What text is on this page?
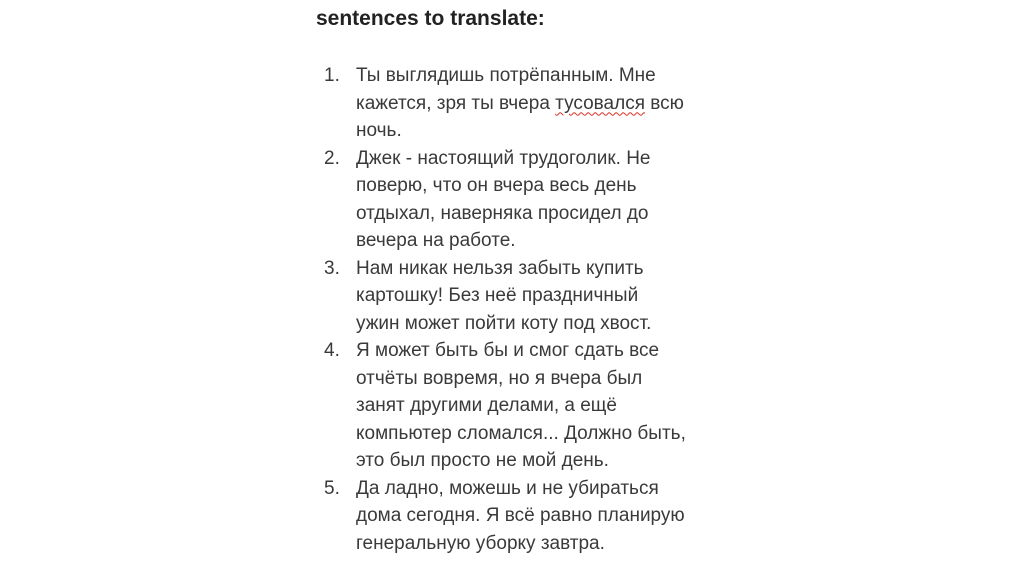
sentences to translate:
1. Ты выглядишь потрёпанным. Мне
кажется, зря ты вчера тусовался всю
ночь.
2. Джек - настоящий трудоголик. Не
поверю, что он вчера весь день
отдыхал, наверняка просидел до
вечера на работе.
3. Нам никак нельзя забыть купить
картошку! Без неё праздничный
ужин может пойти коту под хвост.
4. Я может быть бы и смог сдать все
отчёты вовремя, но я вчера был
занят другими делами, а ещё
компьютер сломался... Должно быть,
это был просто не мой день.
5. Да ладно, можешь и не убираться
дома сегодня. Я всё равно планирую
генеральную уборку завтра.
